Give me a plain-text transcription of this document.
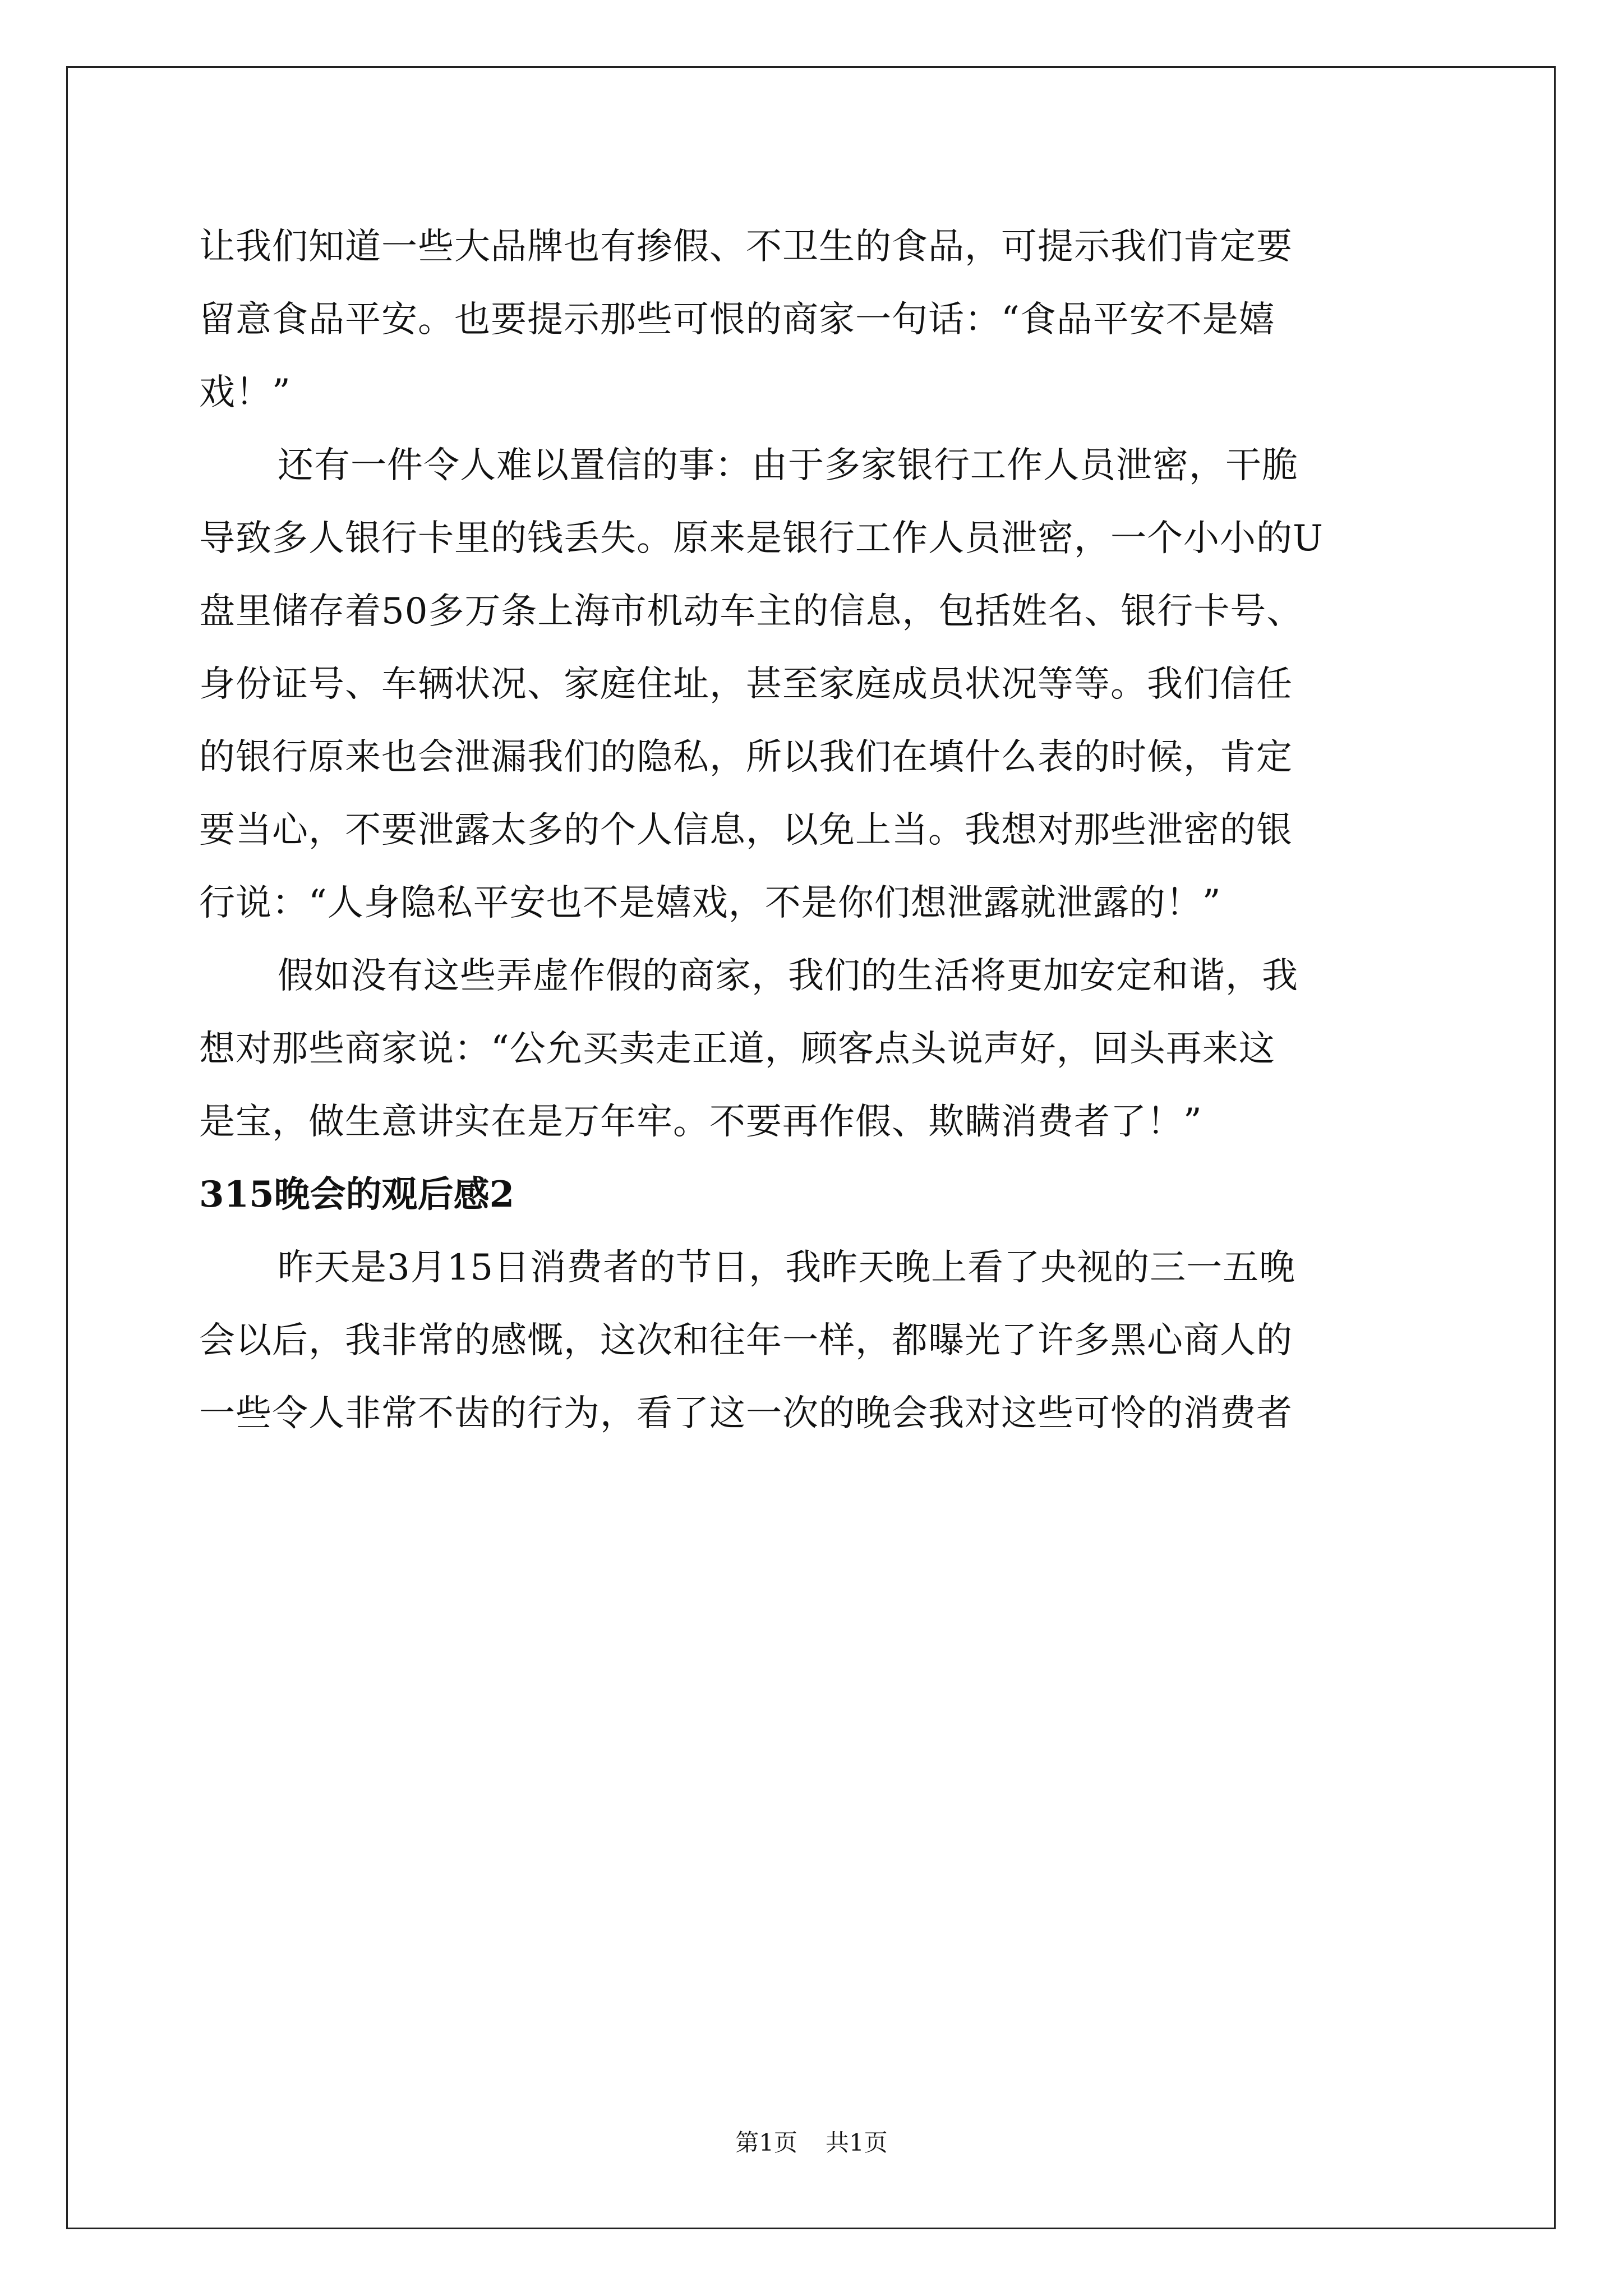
让我们知道一些大品牌也有掺假、不卫生的食品，可提示我们肯定要

留意食品平安。也要提示那些可恨的商家一句话：“食品平安不是嬉

戏！”

还有一件令人难以置信的事：由于多家银行工作人员泄密，干脆

导致多人银行卡里的钱丢失。原来是银行工作人员泄密，一个小小的U

盘里储存着50多万条上海市机动车主的信息，包括姓名、银行卡号、

身份证号、车辆状况、家庭住址，甚至家庭成员状况等等。我们信任

的银行原来也会泄漏我们的隐私，所以我们在填什么表的时候，肯定

要当心，不要泄露太多的个人信息，以免上当。我想对那些泄密的银

行说：“人身隐私平安也不是嬉戏，不是你们想泄露就泄露的！”

假如没有这些弄虚作假的商家，我们的生活将更加安定和谐，我

想对那些商家说：“公允买卖走正道，顾客点头说声好，回头再来这

是宝，做生意讲实在是万年牢。不要再作假、欺瞒消费者了！”

315晚会的观后感2

昨天是3月15日消费者的节日，我昨天晚上看了央视的三一五晚

会以后，我非常的感慨，这次和往年一样，都曝光了许多黑心商人的

一些令人非常不齿的行为，看了这一次的晚会我对这些可怜的消费者

第1页 共1页
